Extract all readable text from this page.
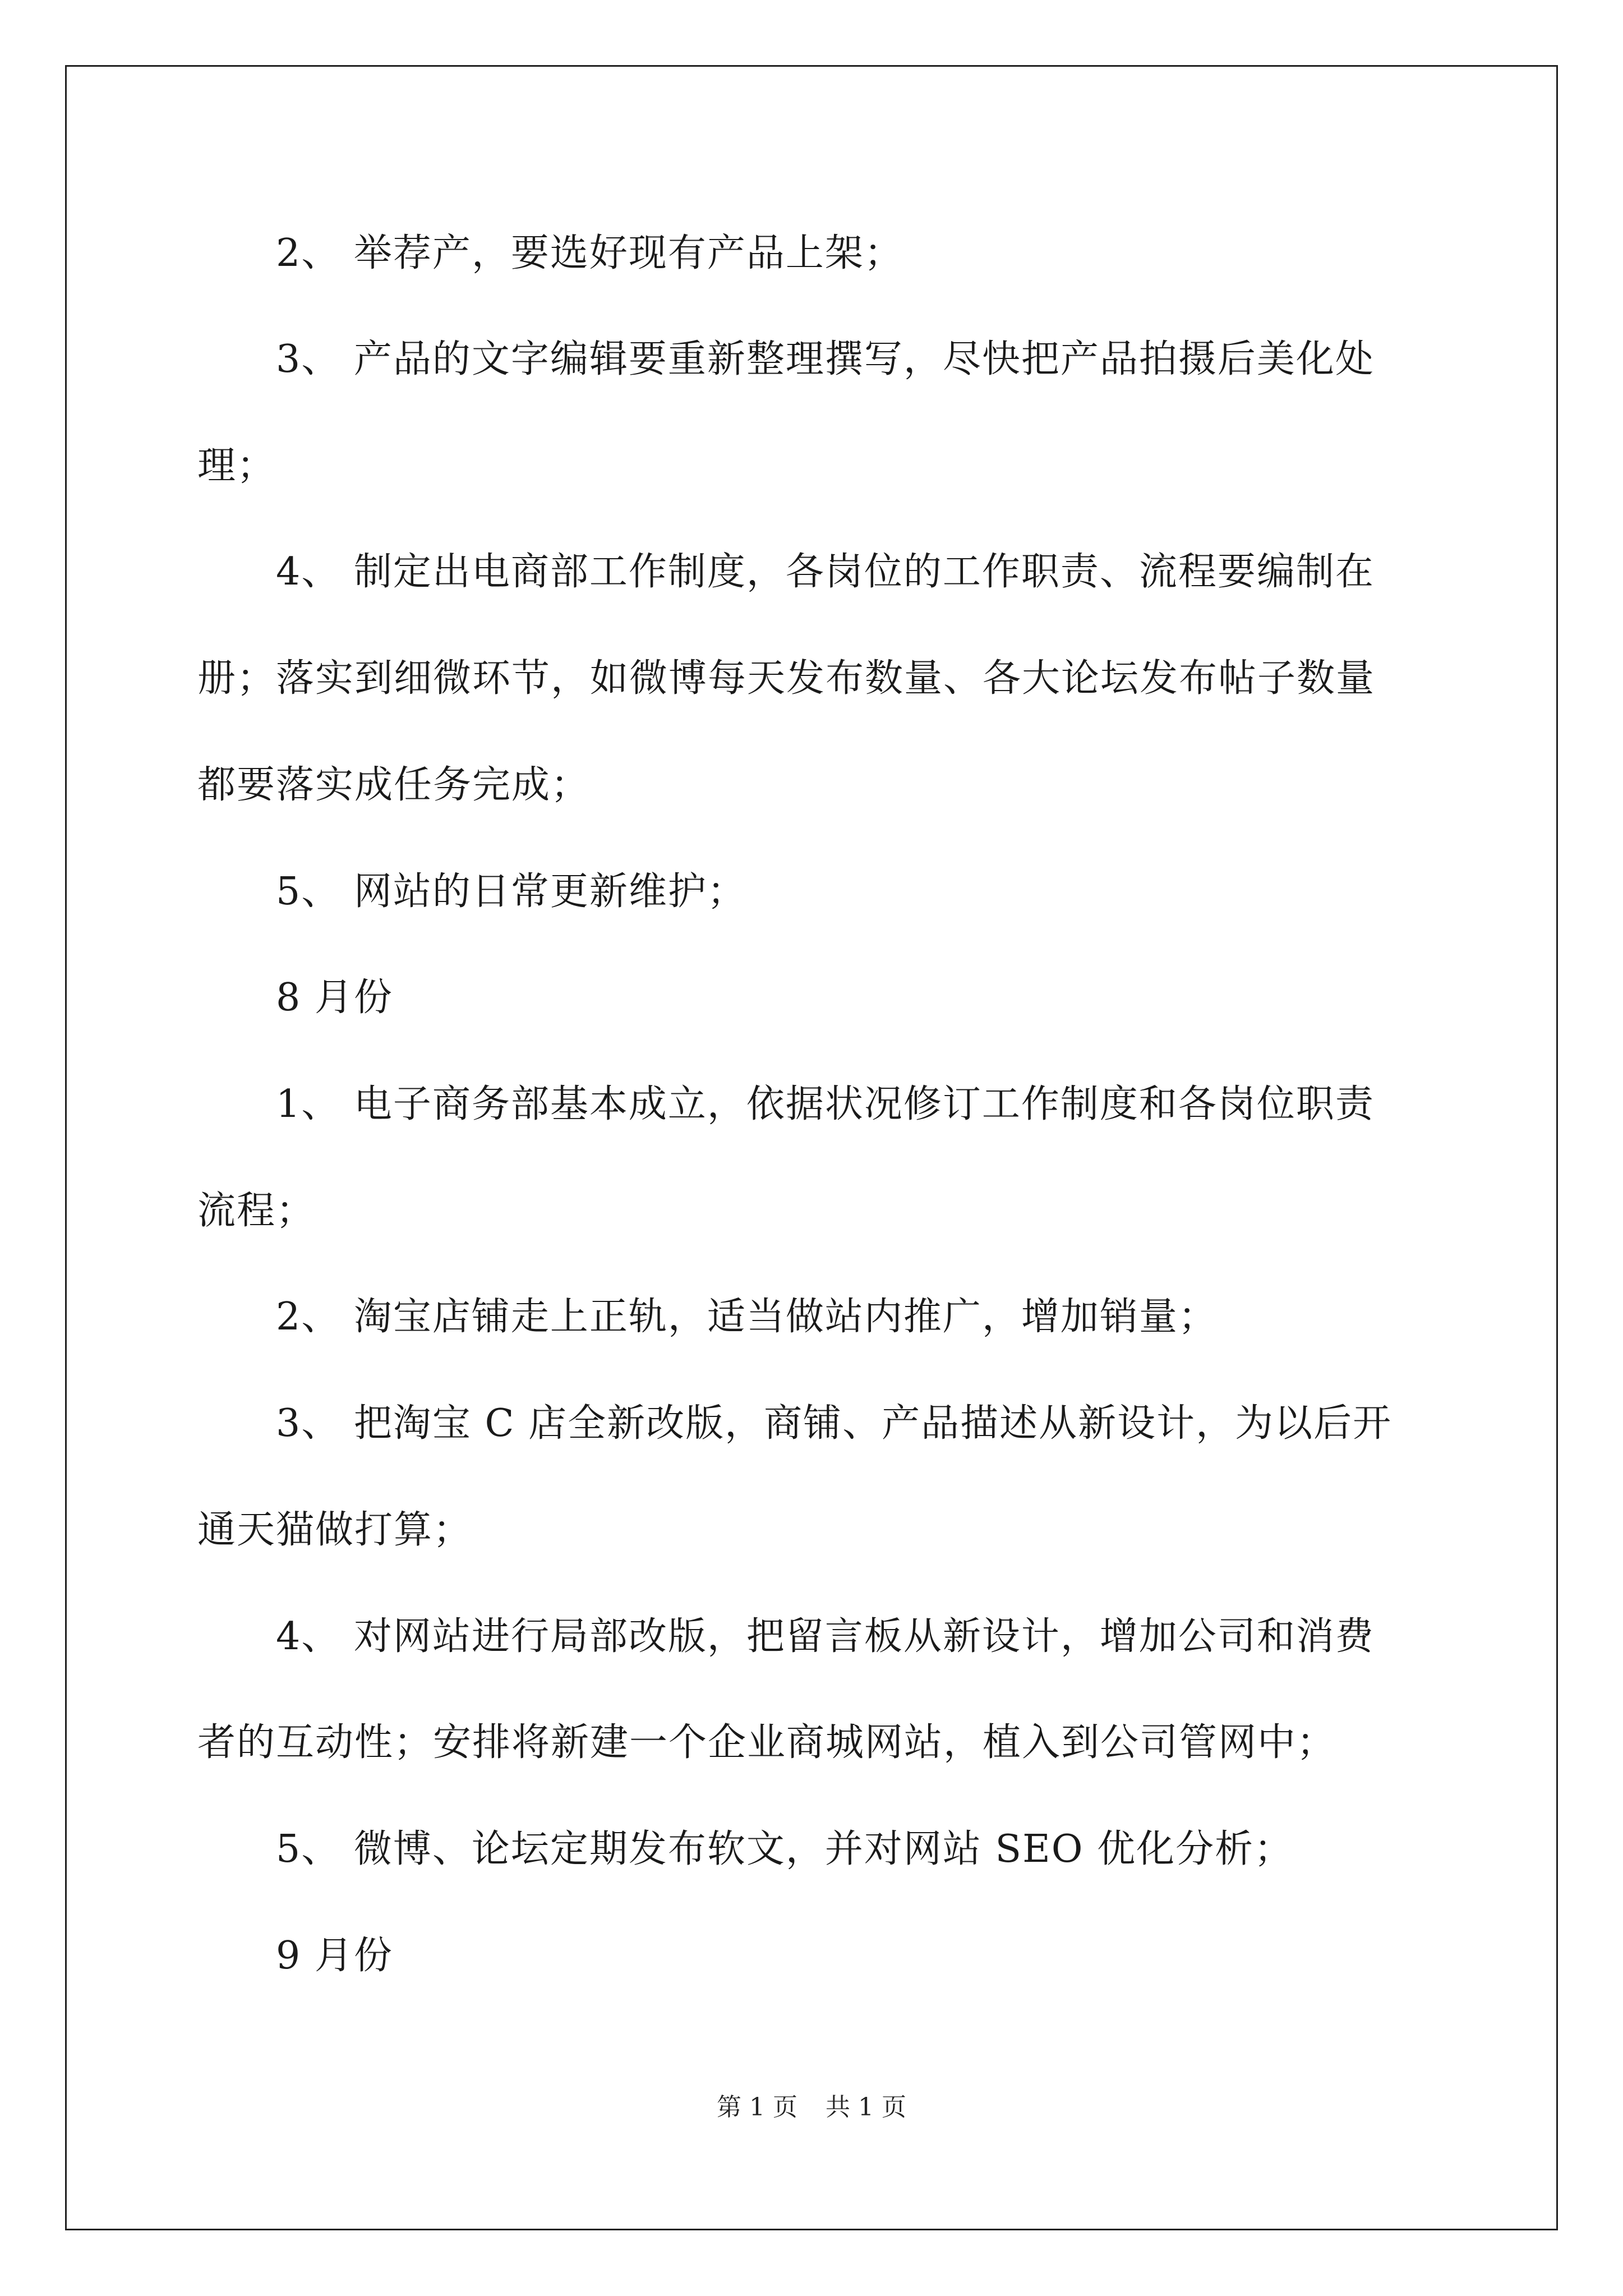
　　2、 举荐产，要选好现有产品上架；
　　3、 产品的文字编辑要重新整理撰写，尽快把产品拍摄后美化处
理；
　　4、 制定出电商部工作制度，各岗位的工作职责、流程要编制在
册；落实到细微环节，如微博每天发布数量、各大论坛发布帖子数量
都要落实成任务完成；
　　5、 网站的日常更新维护；
　　8 月份
　　1、 电子商务部基本成立，依据状况修订工作制度和各岗位职责
流程；
　　2、 淘宝店铺走上正轨，适当做站内推广，增加销量；
　　3、 把淘宝 C 店全新改版，商铺、产品描述从新设计，为以后开
通天猫做打算；
　　4、 对网站进行局部改版，把留言板从新设计，增加公司和消费
者的互动性；安排将新建一个企业商城网站，植入到公司管网中；
　　5、 微博、论坛定期发布软文，并对网站 SEO 优化分析；
　　9 月份
第 1 页 共 1 页
